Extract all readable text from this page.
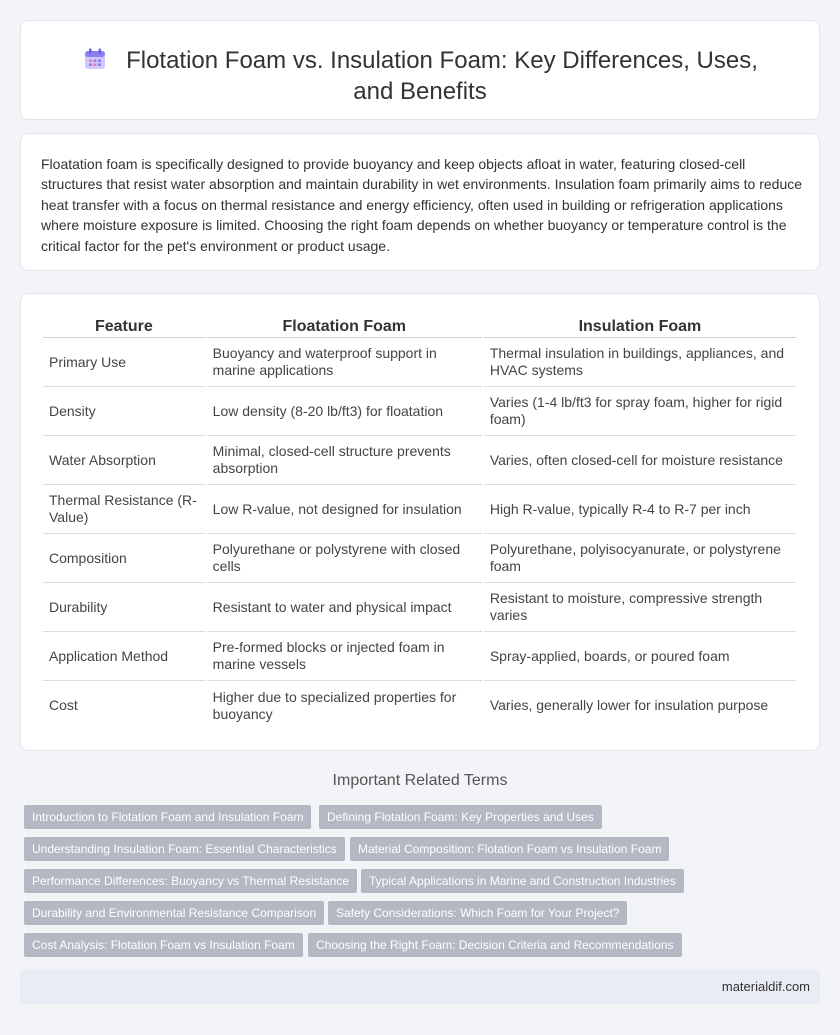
Flotation Foam vs. Insulation Foam: Key Differences, Uses, and Benefits

Floatation foam is specifically designed to provide buoyancy and keep objects afloat in water, featuring closed-cell structures that resist water absorption and maintain durability in wet environments. Insulation foam primarily aims to reduce heat transfer with a focus on thermal resistance and energy efficiency, often used in building or refrigeration applications where moisture exposure is limited. Choosing the right foam depends on whether buoyancy or temperature control is the critical factor for the pet's environment or product usage.

Feature	Floatation Foam	Insulation Foam
Primary Use	Buoyancy and waterproof support in marine applications	Thermal insulation in buildings, appliances, and HVAC systems
Density	Low density (8-20 lb/ft3) for floatation	Varies (1-4 lb/ft3 for spray foam, higher for rigid foam)
Water Absorption	Minimal, closed-cell structure prevents absorption	Varies, often closed-cell for moisture resistance
Thermal Resistance (R-Value)	Low R-value, not designed for insulation	High R-value, typically R-4 to R-7 per inch
Composition	Polyurethane or polystyrene with closed cells	Polyurethane, polyisocyanurate, or polystyrene foam
Durability	Resistant to water and physical impact	Resistant to moisture, compressive strength varies
Application Method	Pre-formed blocks or injected foam in marine vessels	Spray-applied, boards, or poured foam
Cost	Higher due to specialized properties for buoyancy	Varies, generally lower for insulation purpose
Important Related Terms
Introduction to Flotation Foam and Insulation Foam	Defining Flotation Foam: Key Properties and Uses
Understanding Insulation Foam: Essential Characteristics	Material Composition: Flotation Foam vs Insulation Foam
Performance Differences: Buoyancy vs Thermal Resistance	Typical Applications in Marine and Construction Industries
Durability and Environmental Resistance Comparison	Safety Considerations: Which Foam for Your Project?
Cost Analysis: Flotation Foam vs Insulation Foam	Choosing the Right Foam: Decision Criteria and Recommendations
materialdif.com
